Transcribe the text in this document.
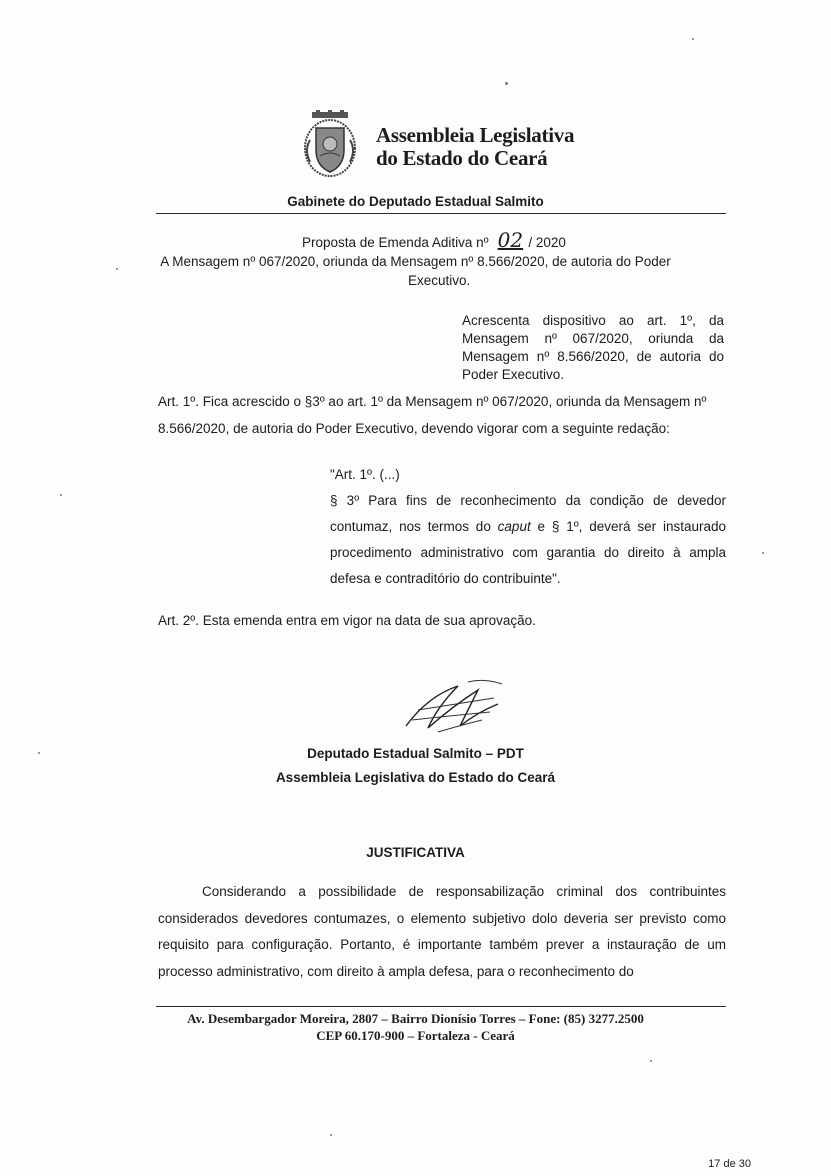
Assembleia Legislativa
do Estado do Ceará
Gabinete do Deputado Estadual Salmito
Proposta de Emenda Aditiva nº 02 / 2020
A Mensagem nº 067/2020, oriunda da Mensagem nº 8.566/2020, de autoria do Poder
Executivo.
Acrescenta dispositivo ao art. 1º, da Mensagem nº 067/2020, oriunda da Mensagem nº 8.566/2020, de autoria do Poder Executivo.
Art. 1º. Fica acrescido o §3º ao art. 1º da Mensagem nº 067/2020, oriunda da Mensagem nº 8.566/2020, de autoria do Poder Executivo, devendo vigorar com a seguinte redação:
"Art. 1º. (...)
§ 3º Para fins de reconhecimento da condição de devedor contumaz, nos termos do caput e § 1º, deverá ser instaurado procedimento administrativo com garantia do direito à ampla defesa e contraditório do contribuinte".
Art. 2º. Esta emenda entra em vigor na data de sua aprovação.
Deputado Estadual Salmito – PDT
Assembleia Legislativa do Estado do Ceará
JUSTIFICATIVA
Considerando a possibilidade de responsabilização criminal dos contribuintes considerados devedores contumazes, o elemento subjetivo dolo deveria ser previsto como requisito para configuração. Portanto, é importante também prever a instauração de um processo administrativo, com direito à ampla defesa, para o reconhecimento do
Av. Desembargador Moreira, 2807 – Bairro Dionísio Torres – Fone: (85) 3277.2500
CEP 60.170-900 – Fortaleza - Ceará
17 de 30
